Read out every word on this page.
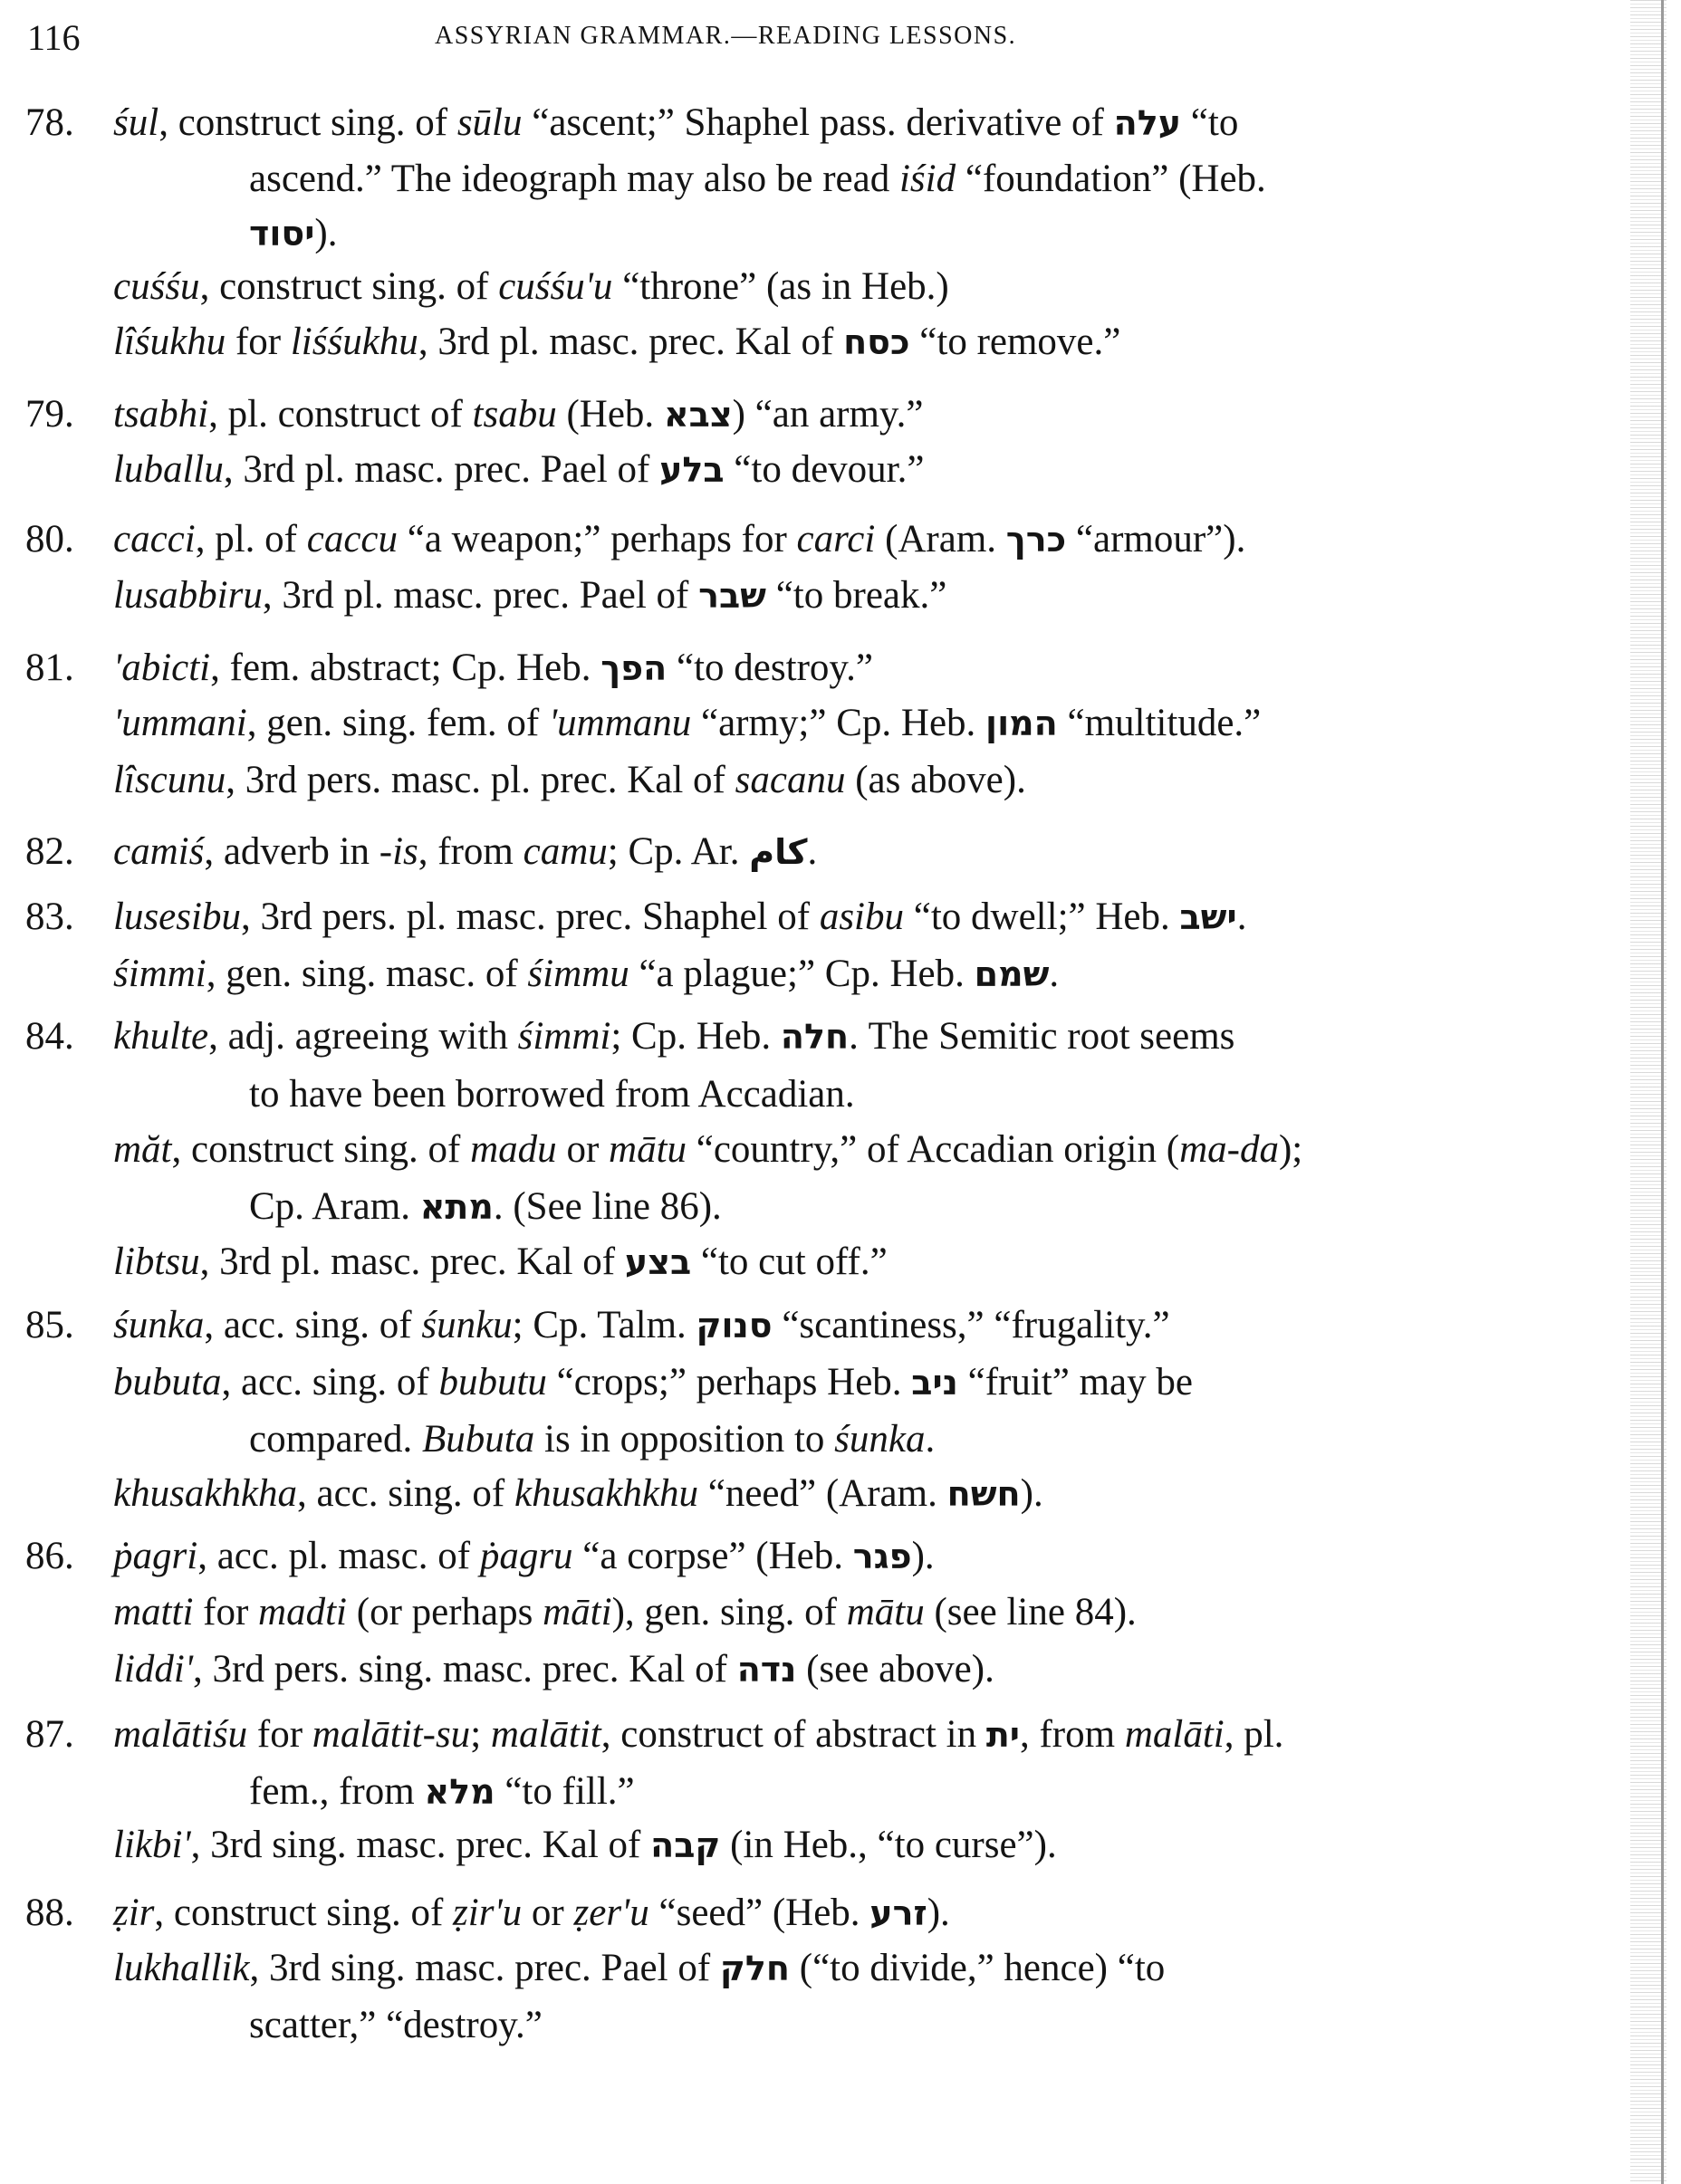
116	ASSYRIAN GRAMMAR.—READING LESSONS.
78. śul, construct sing. of sūlu “ascent;” Shaphel pass. derivative of עלה “to
ascend.” The ideograph may also be read iśid “foundation” (Heb.
יסוד).
cuśśu, construct sing. of cuśśu'u “throne” (as in Heb.)
lîśukhu for liśśukhu, 3rd pl. masc. prec. Kal of כסח “to remove.”
79. tsabhi, pl. construct of tsabu (Heb. צבא) “an army.”
luballu, 3rd pl. masc. prec. Pael of בלע “to devour.”
80. cacci, pl. of caccu “a weapon;” perhaps for carci (Aram. כרך “armour”).
lusabbiru, 3rd pl. masc. prec. Pael of שבר “to break.”
81. 'abicti, fem. abstract; Cp. Heb. הפך “to destroy.”
'ummani, gen. sing. fem. of 'ummanu “army;” Cp. Heb. המון “multitude.”
lîscunu, 3rd pers. masc. pl. prec. Kal of sacanu (as above).
82. camiś, adverb in -is, from camu; Cp. Ar. كام.
83. lusesibu, 3rd pers. pl. masc. prec. Shaphel of asibu “to dwell;” Heb. ישב.
śimmi, gen. sing. masc. of śimmu “a plague;” Cp. Heb. שמם.
84. khulte, adj. agreeing with śimmi; Cp. Heb. חלה. The Semitic root seems
to have been borrowed from Accadian.
măt, construct sing. of madu or mātu “country,” of Accadian origin (ma-da);
Cp. Aram. מתא. (See line 86).
libtsu, 3rd pl. masc. prec. Kal of בצע “to cut off.”
85. śunka, acc. sing. of śunku; Cp. Talm. סנוק “scantiness,” “frugality.”
bubuta, acc. sing. of bubutu “crops;” perhaps Heb. ניב “fruit” may be
compared. Bubuta is in opposition to śunka.
khusakhkha, acc. sing. of khusakhkhu “need” (Aram. חשח).
86. ṗagri, acc. pl. masc. of ṗagru “a corpse” (Heb. פגר).
matti for madti (or perhaps māti), gen. sing. of mātu (see line 84).
liddi', 3rd pers. sing. masc. prec. Kal of נדה (see above).
87. malātiśu for malātit-su; malātit, construct of abstract in ית, from malāti, pl.
fem., from מלא “to fill.”
likbi', 3rd sing. masc. prec. Kal of קבה (in Heb., “to curse”).
88. ẓir, construct sing. of ẓir'u or ẓer'u “seed” (Heb. זרע).
lukhallik, 3rd sing. masc. prec. Pael of חלק (“to divide,” hence) “to
scatter,” “destroy.”
